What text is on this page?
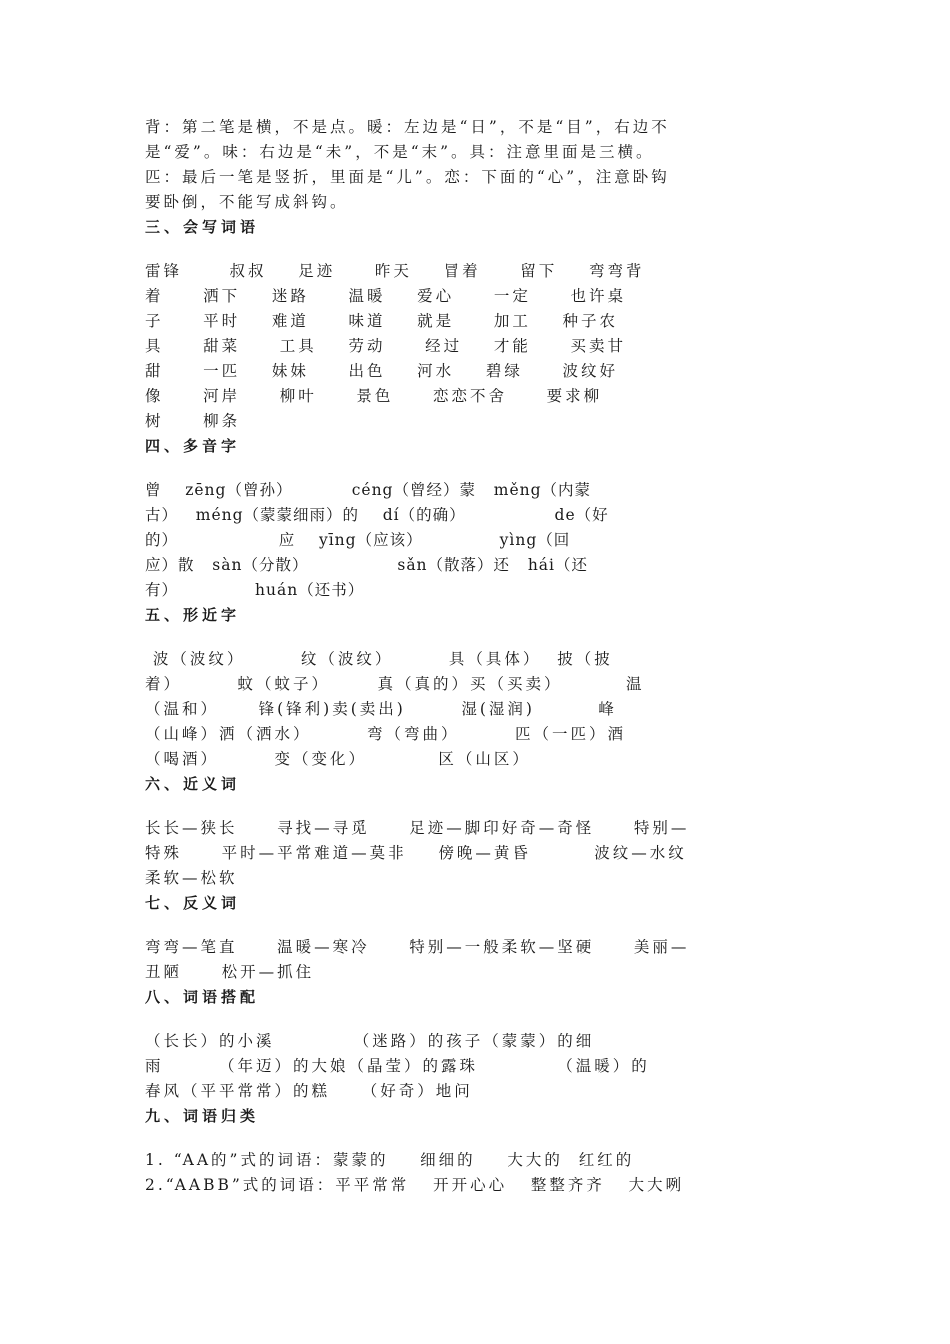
背：第二笔是横，不是点。暖：左边是“日”，不是“目”，右边不
是“爱”。味：右边是“未”，不是“末”。具：注意里面是三横。
匹：最后一笔是竖折，里面是“儿”。恋：下面的“心”，注意卧钩
要卧倒，不能写成斜钩。
三、会写词语
雷锋      叔叔    足迹     昨天    冒着     留下    弯弯背
着     洒下    迷路     温暖    爱心     一定     也许桌
子     平时    难道     味道    就是     加工    种子农
具     甜菜     工具    劳动     经过    才能     买卖甘
甜     一匹    妹妹     出色    河水    碧绿     波纹好
像     河岸     柳叶     景色     恋恋不舍     要求柳
树     柳条
四、多音字
曾    zēng（曾孙）          céng（曾经）蒙   měng（内蒙
古）   méng（蒙蒙细雨）的    dí（的确）               de（好
的）                 应    yīng（应该）             yìng（回
应）散   sàn（分散）               sǎn（散落）还   hái（还
有）             huán（还书）
五、形近字
波（波纹）       纹（波纹）       具（具体）  披（披
着）       蚊（蚊子）      真（真的）买（买卖）        温
（温和）     锋(锋利)卖(卖出)       湿(湿润)        峰
（山峰）洒（洒水）       弯（弯曲）       匹（一匹）酒
（喝酒）       变（变化）         区（山区）
六、近义词
长长—狭长     寻找—寻觅     足迹—脚印好奇—奇怪     特别—
特殊     平时—平常难道—莫非    傍晚—黄昏        波纹—水纹
柔软—松软
七、反义词
弯弯—笔直     温暖—寒冷     特别—一般柔软—坚硬     美丽—
丑陋     松开—抓住
八、词语搭配
（长长）的小溪          （迷路）的孩子（蒙蒙）的细
雨       （年迈）的大娘（晶莹）的露珠          （温暖）的
春风（平平常常）的糕    （好奇）地问
九、词语归类
1. “AA的”式的词语：蒙蒙的    细细的    大大的  红红的
2.“AABB”式的词语：平平常常   开开心心   整整齐齐   大大咧
